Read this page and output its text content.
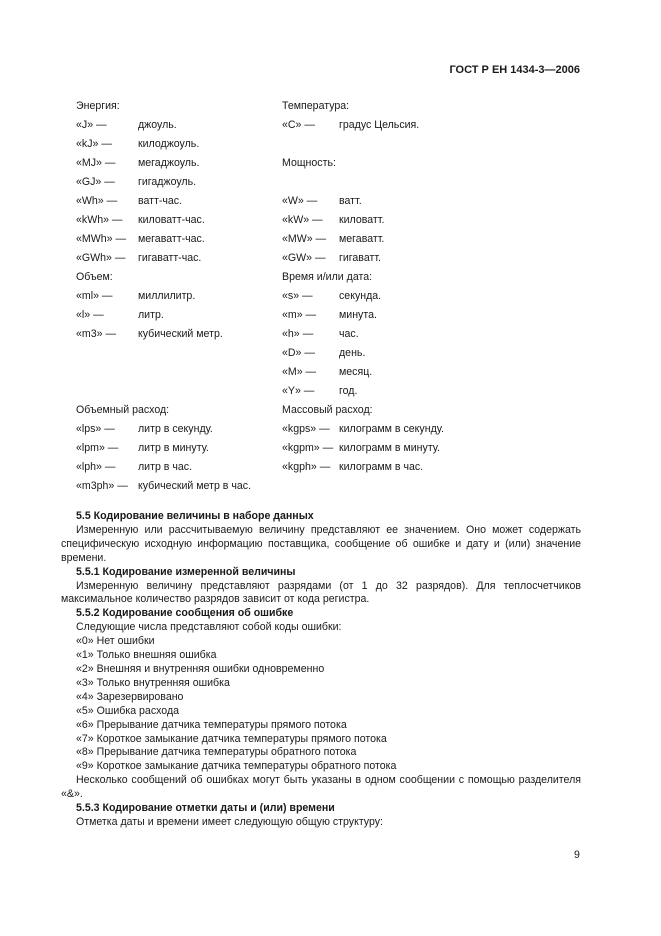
ГОСТ Р ЕН 1434-3—2006
Энергия:
«J» —	джоуль.
«kJ» — килоджоуль.
«MJ» — мегаджоуль.
«GJ» — гигаджоуль.
«Wh» — ватт-час.
«kWh» — киловатт-час.
«MWh» — мегаватт-час.
«GWh» — гигаватт-час.
Объем:
«ml» — миллилитр.
«l» —	литр.
«m3» — кубический метр.
Объемный расход:
«lps» — литр в секунду.
«lpm» — литр в минуту.
«lph» — литр в час.
«m3ph» — кубический метр в час.
Температура:
«C» — градус Цельсия.
Мощность:
«W» — ватт.
«kW» — киловатт.
«MW» — мегаватт.
«GW» — гигаватт.
Время и/или дата:
«s» — секунда.
«m» — минута.
«h» — час.
«D» — день.
«M» — месяц.
«Y» — год.
Массовый расход:
«kgps» — килограмм в секунду.
«kgpm» — килограмм в минуту.
«kgph» — килограмм в час.
5.5 Кодирование величины в наборе данных
Измеренную или рассчитываемую величину представляют ее значением. Оно может содержать специфическую исходную информацию поставщика, сообщение об ошибке и дату и (или) значение времени.
5.5.1 Кодирование измеренной величины
Измеренную величину представляют разрядами (от 1 до 32 разрядов). Для теплосчетчиков максимальное количество разрядов зависит от кода регистра.
5.5.2 Кодирование сообщения об ошибке
Следующие числа представляют собой коды ошибки:
«0» Нет ошибки
«1» Только внешняя ошибка
«2» Внешняя и внутренняя ошибки одновременно
«3» Только внутренняя ошибка
«4» Зарезервировано
«5» Ошибка расхода
«6» Прерывание датчика температуры прямого потока
«7» Короткое замыкание датчика температуры прямого потока
«8» Прерывание датчика температуры обратного потока
«9» Короткое замыкание датчика температуры обратного потока
Несколько сообщений об ошибках могут быть указаны в одном сообщении с помощью разделителя «&».
5.5.3 Кодирование отметки даты и (или) времени
Отметка даты и времени имеет следующую общую структуру:
9
